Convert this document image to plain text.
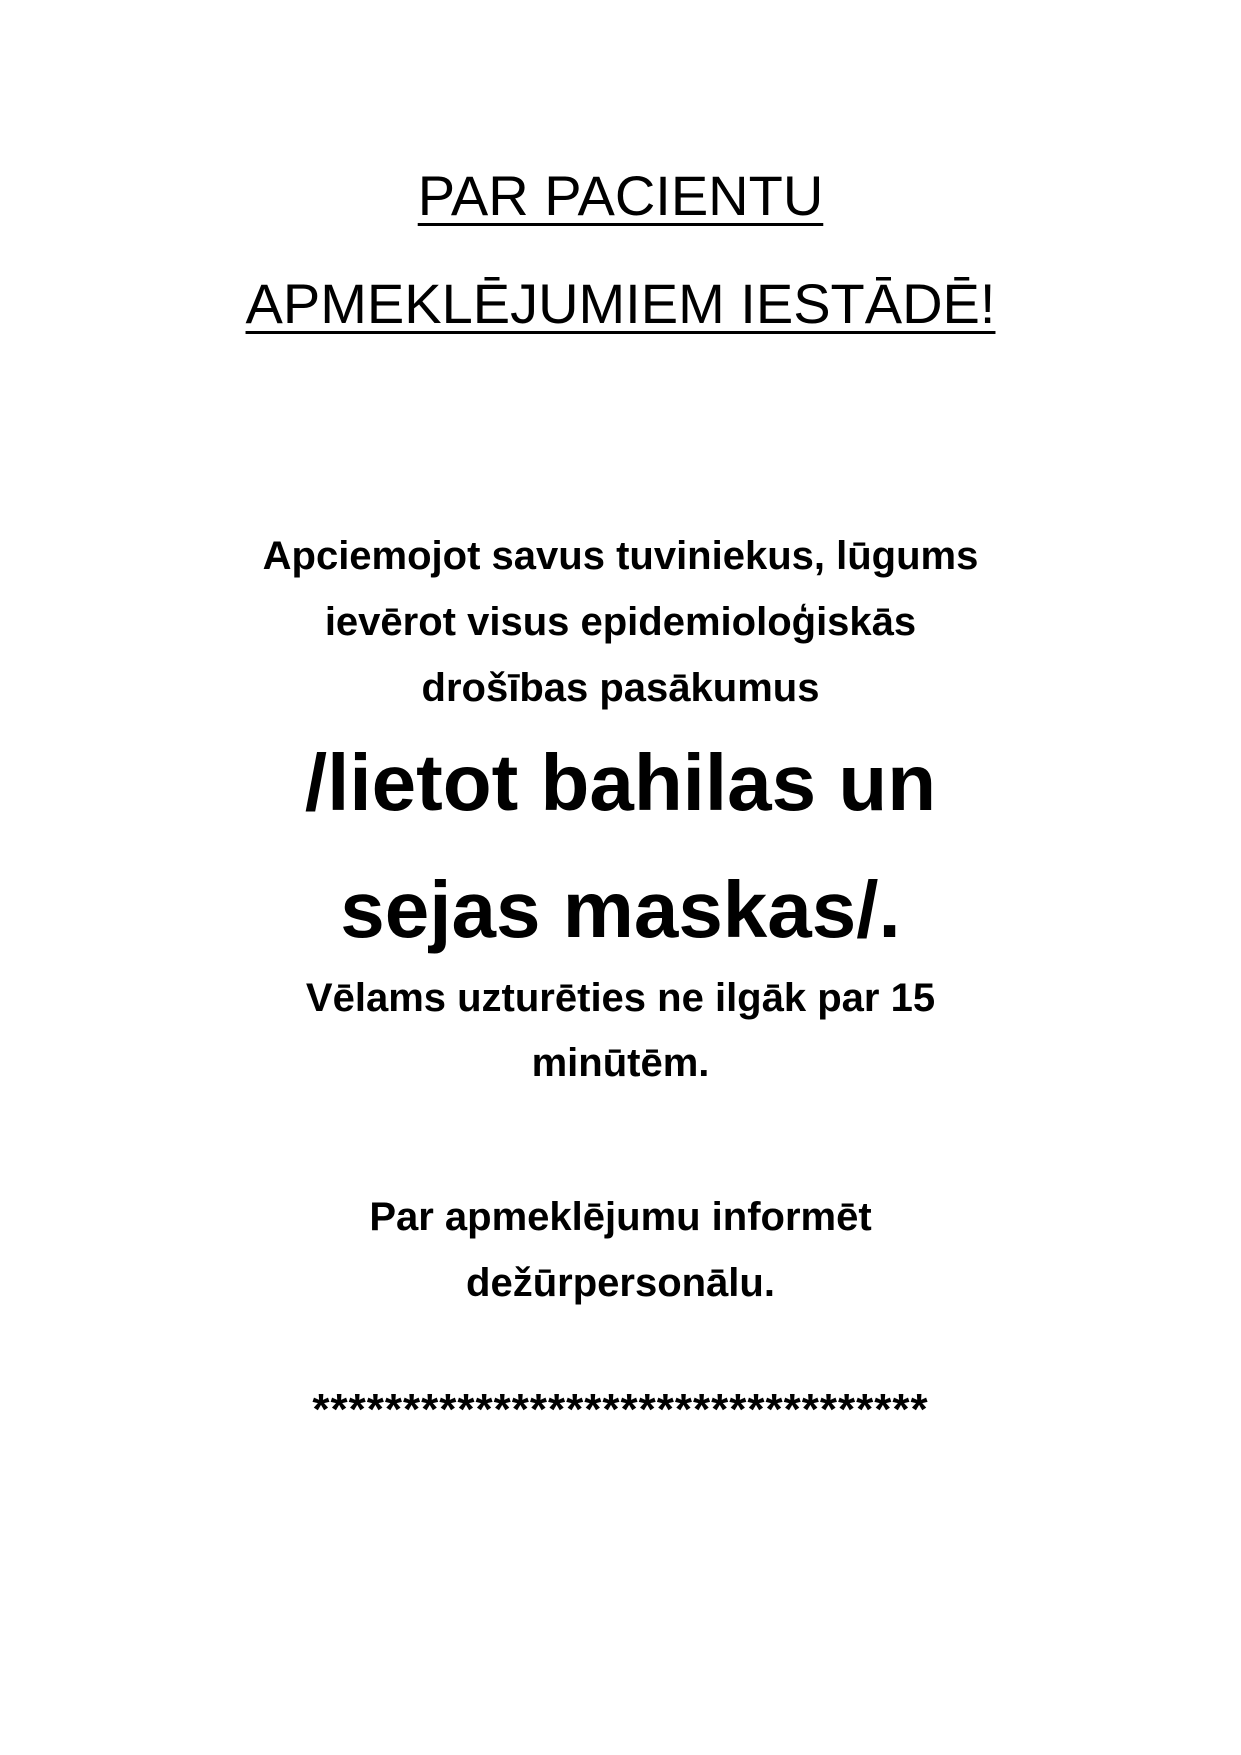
PAR PACIENTU
APMEKLĒJUMIEM IESTĀDĒ!
Apciemojot savus tuviniekus, lūgums
ievērot visus epidemioloģiskās
drošības pasākumus
/lietot bahilas un
sejas maskas/.
Vēlams uzturēties ne ilgāk par 15
minūtēm.
Par apmeklējumu informēt
dežūrpersonālu.
**********************************
